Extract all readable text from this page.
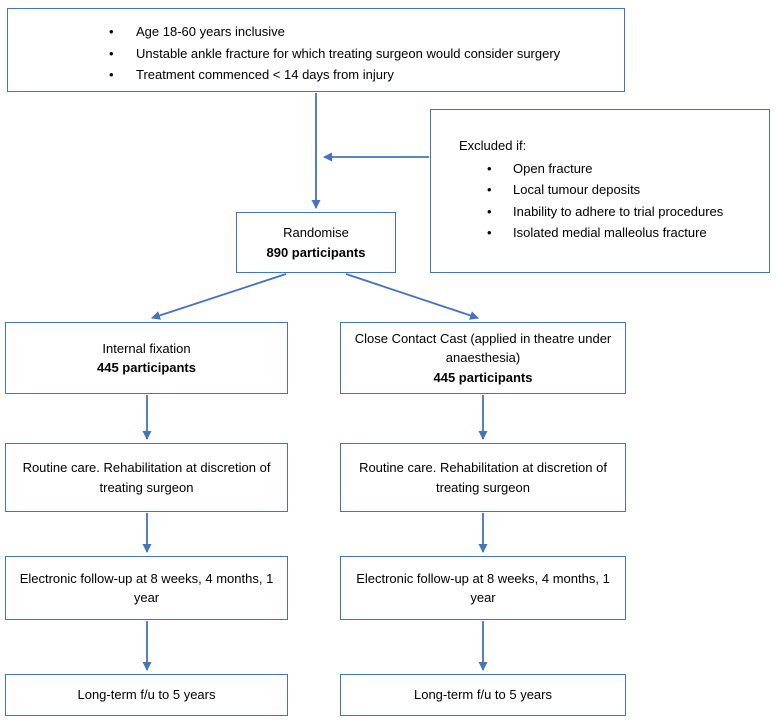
• Age 18-60 years inclusive
• Unstable ankle fracture for which treating surgeon would consider surgery
• Treatment commenced < 14 days from injury
Excluded if:
• Open fracture
• Local tumour deposits
• Inability to adhere to trial procedures
• Isolated medial malleolus fracture
Randomise
890 participants
Internal fixation
445 participants
Close Contact Cast (applied in theatre under anaesthesia)
445 participants
Routine care. Rehabilitation at discretion of treating surgeon
Routine care. Rehabilitation at discretion of treating surgeon
Electronic follow-up at 8 weeks, 4 months, 1 year
Electronic follow-up at 8 weeks, 4 months, 1 year
Long-term f/u to 5 years	Long-term f/u to 5 years
